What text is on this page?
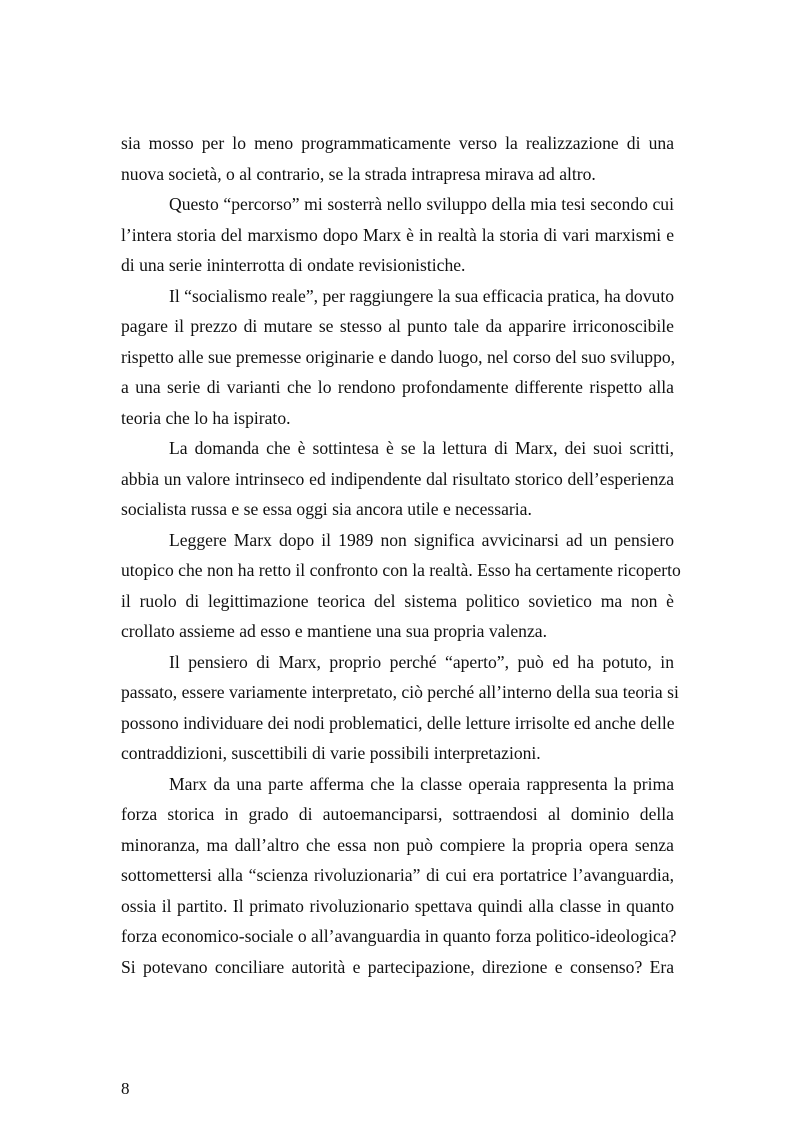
sia mosso per lo meno programmaticamente verso la realizzazione di una
nuova società, o al contrario, se la strada intrapresa mirava ad altro.
Questo “percorso” mi sosterrà nello sviluppo della mia tesi secondo cui
l’intera storia del marxismo dopo Marx è in realtà la storia di vari marxismi e
di una serie ininterrotta di ondate revisionistiche.
Il “socialismo reale”, per raggiungere la sua efficacia pratica, ha dovuto
pagare il prezzo di mutare se stesso al punto tale da apparire irriconoscibile
rispetto alle sue premesse originarie e dando luogo, nel corso del suo sviluppo,
a una serie di varianti che lo rendono profondamente differente rispetto alla
teoria che lo ha ispirato.
La domanda che è sottintesa è se la lettura di Marx, dei suoi scritti,
abbia un valore intrinseco ed indipendente dal risultato storico dell’esperienza
socialista russa e se essa oggi sia ancora utile e necessaria.
Leggere Marx dopo il 1989 non significa avvicinarsi ad un pensiero
utopico che non ha retto il confronto con la realtà. Esso ha certamente ricoperto
il ruolo di legittimazione teorica del sistema politico sovietico ma non è
crollato assieme ad esso e mantiene una sua propria valenza.
Il pensiero di Marx, proprio perché “aperto”, può ed ha potuto, in
passato, essere variamente interpretato, ciò perché all’interno della sua teoria si
possono individuare dei nodi problematici, delle letture irrisolte ed anche delle
contraddizioni, suscettibili di varie possibili interpretazioni.
Marx da una parte afferma che la classe operaia rappresenta la prima
forza storica in grado di autoemanciparsi, sottraendosi al dominio della
minoranza, ma dall’altro che essa non può compiere la propria opera senza
sottomettersi alla “scienza rivoluzionaria” di cui era portatrice l’avanguardia,
ossia il partito. Il primato rivoluzionario spettava quindi alla classe in quanto
forza economico-sociale o all’avanguardia in quanto forza politico-ideologica?
Si potevano conciliare autorità e partecipazione, direzione e consenso? Era
8
